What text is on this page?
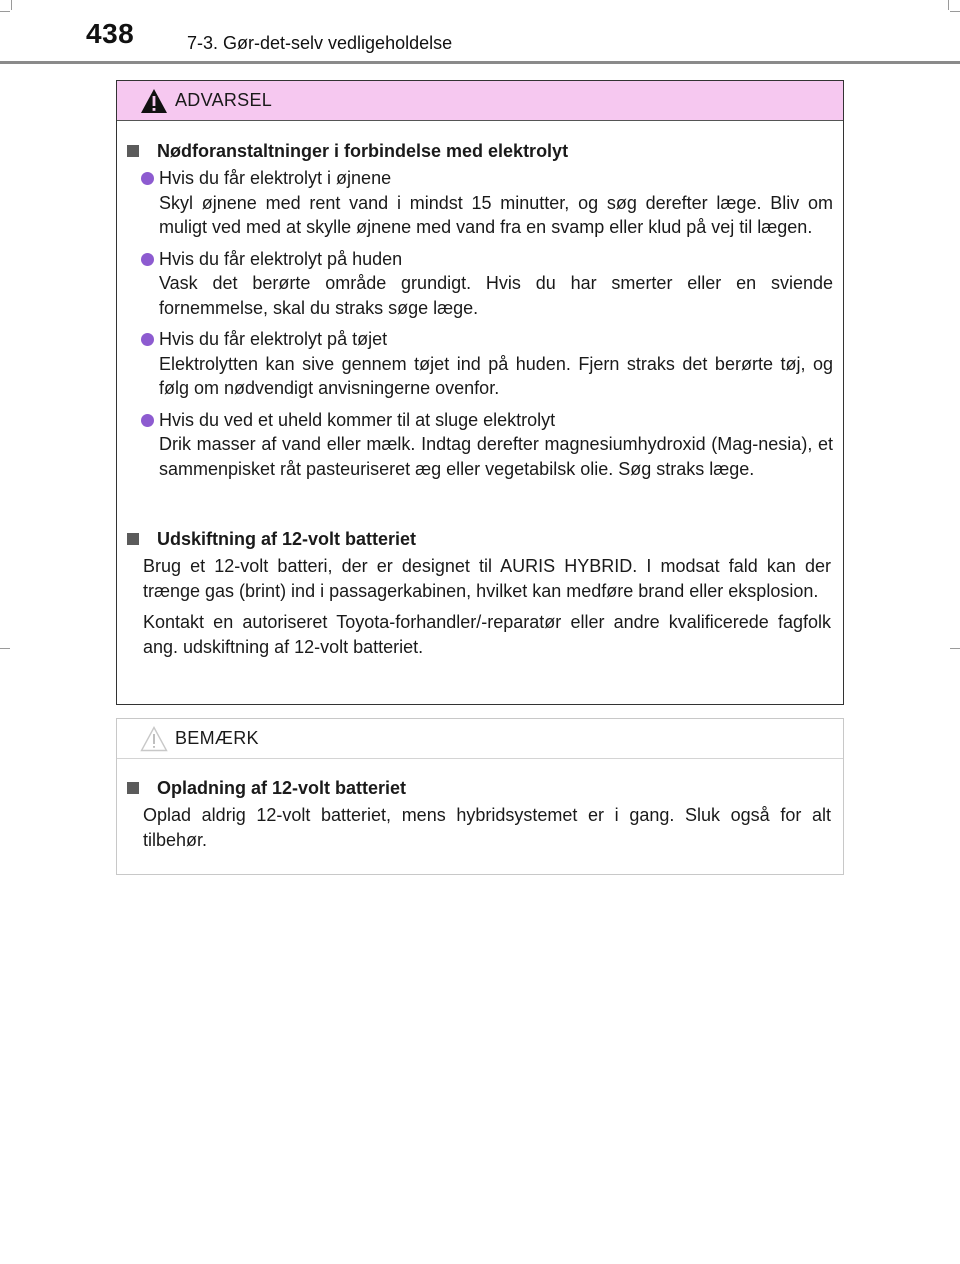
438	7-3. Gør-det-selv vedligeholdelse
ADVARSEL
Nødforanstaltninger i forbindelse med elektrolyt
Hvis du får elektrolyt i øjnene
Skyl øjnene med rent vand i mindst 15 minutter, og søg derefter læge. Bliv om muligt ved med at skylle øjnene med vand fra en svamp eller klud på vej til lægen.
Hvis du får elektrolyt på huden
Vask det berørte område grundigt. Hvis du har smerter eller en sviende fornemmelse, skal du straks søge læge.
Hvis du får elektrolyt på tøjet
Elektrolytten kan sive gennem tøjet ind på huden. Fjern straks det berørte tøj, og følg om nødvendigt anvisningerne ovenfor.
Hvis du ved et uheld kommer til at sluge elektrolyt
Drik masser af vand eller mælk. Indtag derefter magnesiumhydroxid (Mag-nesia), et sammenpisket råt pasteuriseret æg eller vegetabilsk olie. Søg straks læge.
Udskiftning af 12-volt batteriet
Brug et 12-volt batteri, der er designet til AURIS HYBRID. I modsat fald kan der trænge gas (brint) ind i passagerkabinen, hvilket kan medføre brand eller eksplosion.
Kontakt en autoriseret Toyota-forhandler/-reparatør eller andre kvalificerede fagfolk ang. udskiftning af 12-volt batteriet.
BEMÆRK
Opladning af 12-volt batteriet
Oplad aldrig 12-volt batteriet, mens hybridsystemet er i gang. Sluk også for alt tilbehør.
